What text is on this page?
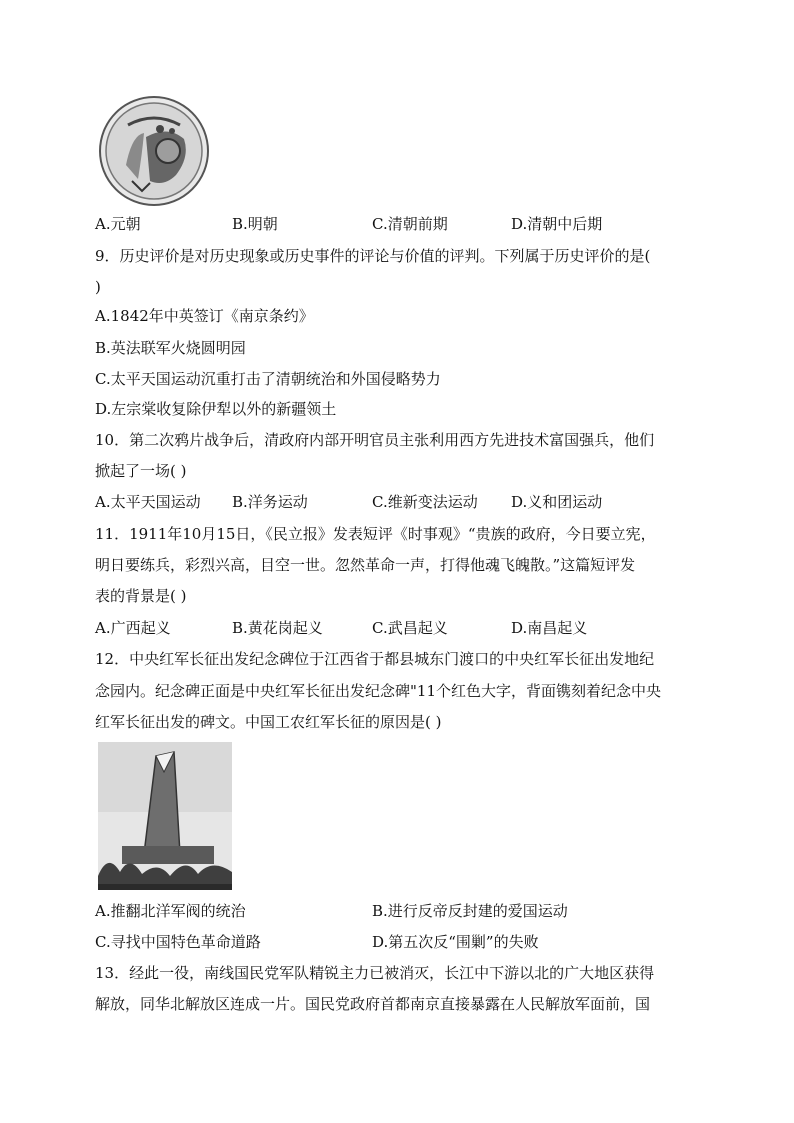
A.元朝	B.明朝	C.清朝前期	D.清朝中后期
9．历史评价是对历史现象或历史事件的评论与价值的评判。下列属于历史评价的是(
)
A.1842年中英签订《南京条约》
B.英法联军火烧圆明园
C.太平天国运动沉重打击了清朝统治和外国侵略势力
D.左宗棠收复除伊犁以外的新疆领土
10．第二次鸦片战争后，清政府内部开明官员主张利用西方先进技术富国强兵，他们
掀起了一场( )
A.太平天国运动 B.洋务运动	C.维新变法运动 D.义和团运动
11．1911年10月15日，《民立报》发表短评《时事观》“贵族的政府，今日要立宪，
明日要练兵，彩烈兴高，目空一世。忽然革命一声，打得他魂飞魄散。”这篇短评发
表的背景是( )
A.广西起义	B.黄花岗起义	C.武昌起义	D.南昌起义
12．中央红军长征出发纪念碑位于江西省于都县城东门渡口的中央红军长征出发地纪
念园内。纪念碑正面是中央红军长征出发纪念碑"11个红色大字，背面镌刻着纪念中央
红军长征出发的碑文。中国工农红军长征的原因是( )
A.推翻北洋军阀的统治	B.进行反帝反封建的爱国运动
C.寻找中国特色革命道路	D.第五次反“围剿”的失败
13．经此一役，南线国民党军队精锐主力已被消灭，长江中下游以北的广大地区获得
解放，同华北解放区连成一片。国民党政府首都南京直接暴露在人民解放军面前，国
